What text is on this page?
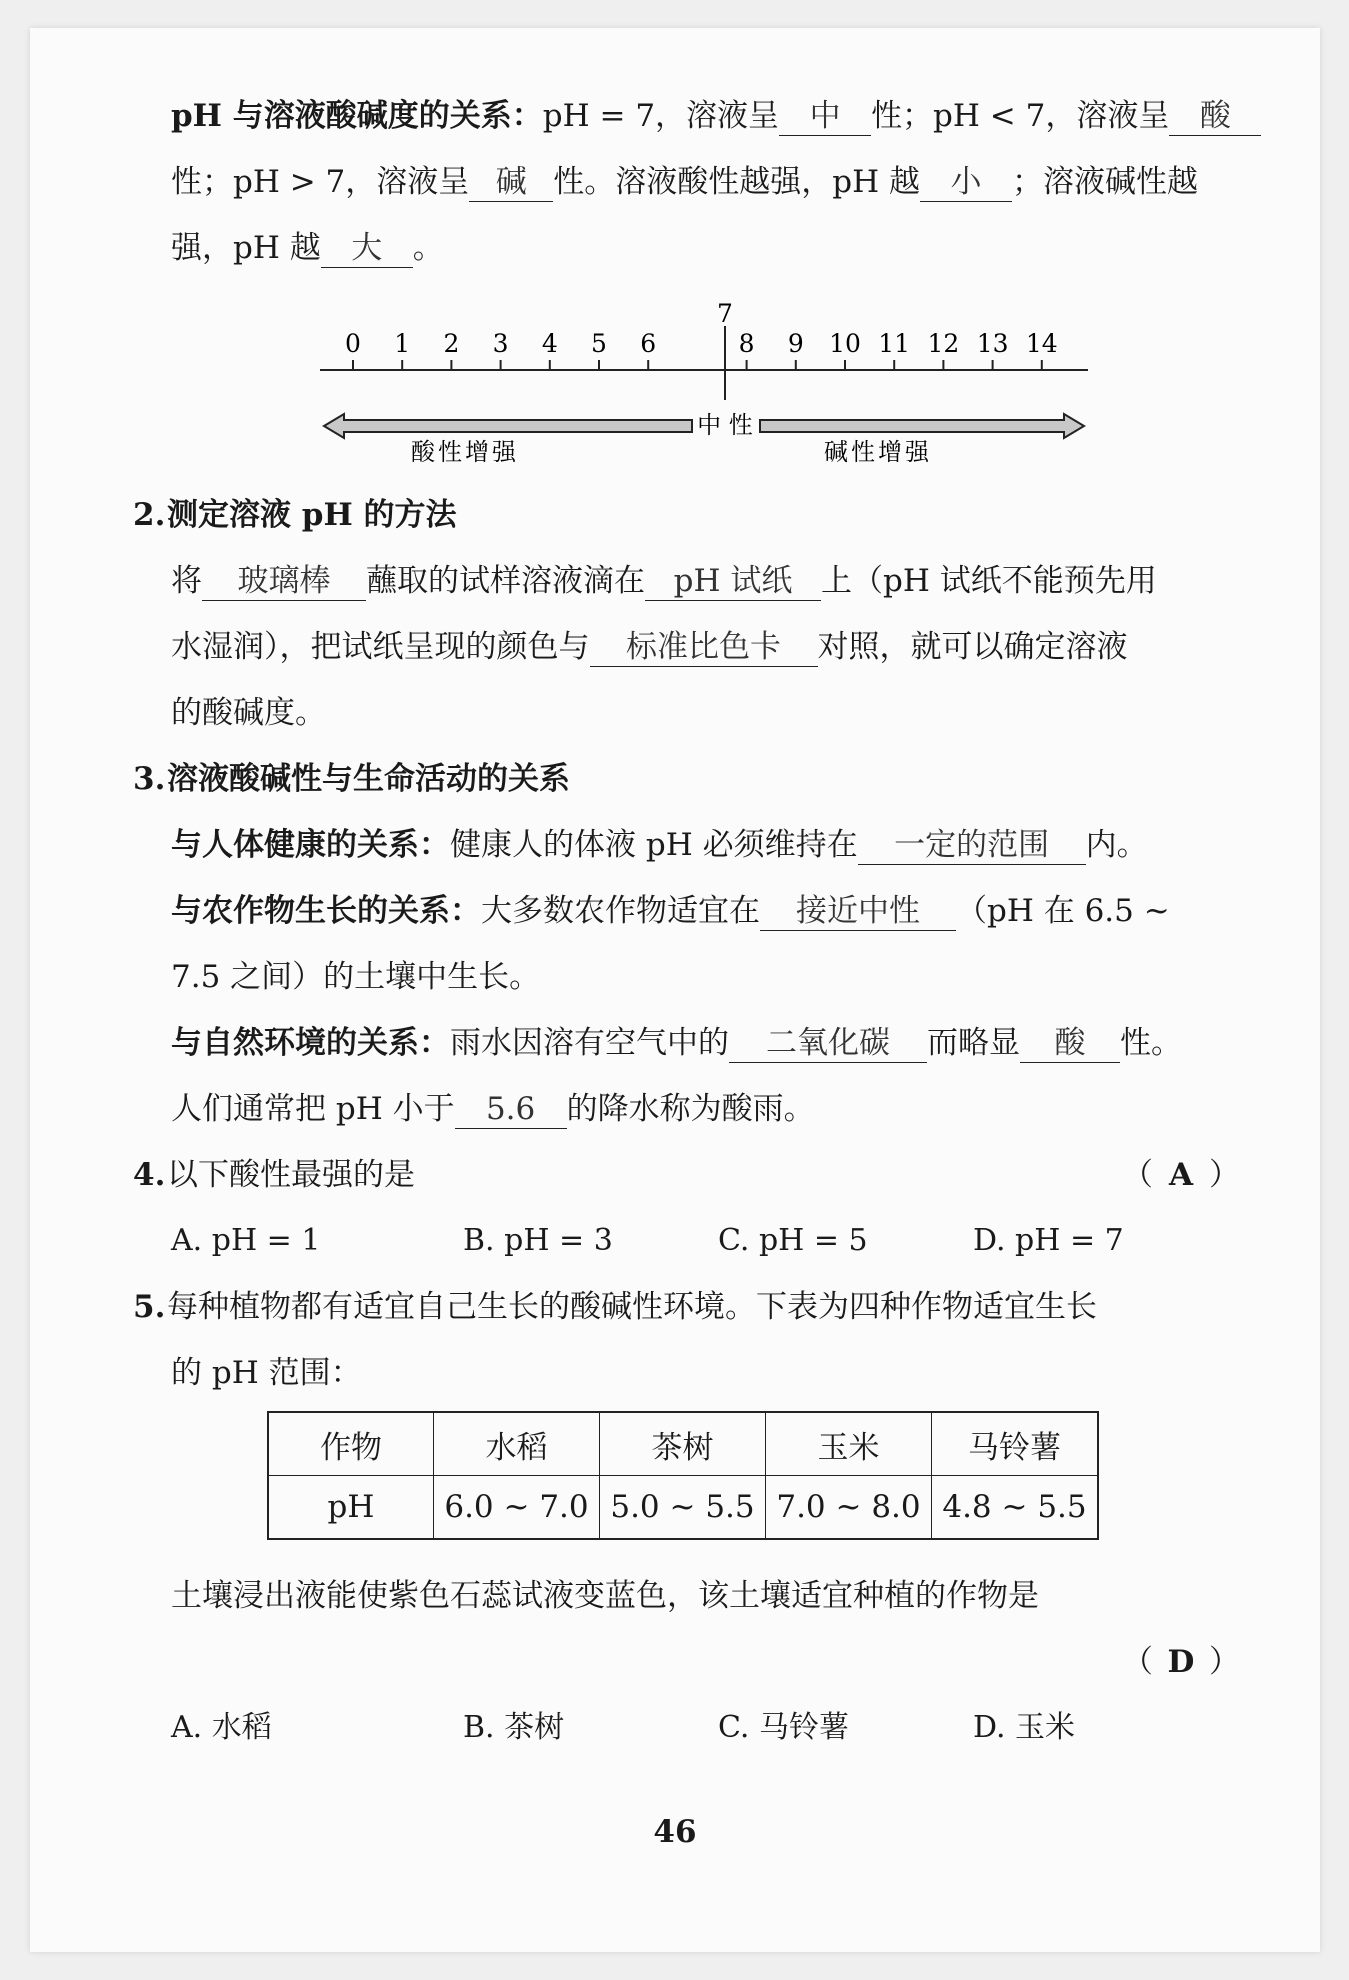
pH 与溶液酸碱度的关系：pH = 7，溶液呈 中 性；pH < 7，溶液呈 酸
性；pH > 7，溶液呈 碱 性。溶液酸性越强，pH 越 小 ；溶液碱性越
强，pH 越 大 。
0 1 2 3 4 5 6
7
8 9 10 11 12 13 14
中 性
酸性增强	碱性增强
2. 测定溶液 pH 的方法
将 玻璃棒 蘸取的试样溶液滴在 pH 试纸 上（pH 试纸不能预先用
水湿润），把试纸呈现的颜色与 标准比色卡 对照，就可以确定溶液
的酸碱度。
3. 溶液酸碱性与生命活动的关系
与人体健康的关系：健康人的体液 pH 必须维持在 一定的范围 内。
与农作物生长的关系：大多数农作物适宜在 接近中性 （pH 在 6.5 ~
7.5 之间）的土壤中生长。
与自然环境的关系：雨水因溶有空气中的 二氧化碳 而略显 酸 性。
人们通常把 pH 小于 5.6 的降水称为酸雨。
4. 以下酸性最强的是	（ A ）
A. pH = 1	B. pH = 3	C. pH = 5	D. pH = 7
5. 每种植物都有适宜自己生长的酸碱性环境。下表为四种作物适宜生长
的 pH 范围：
作物	水稻	茶树	玉米	马铃薯
pH	6.0 ~ 7.0	5.0 ~ 5.5	7.0 ~ 8.0	4.8 ~ 5.5
土壤浸出液能使紫色石蕊试液变蓝色，该土壤适宜种植的作物是
（ D ）
A. 水稻	B. 茶树	C. 马铃薯	D. 玉米
46
